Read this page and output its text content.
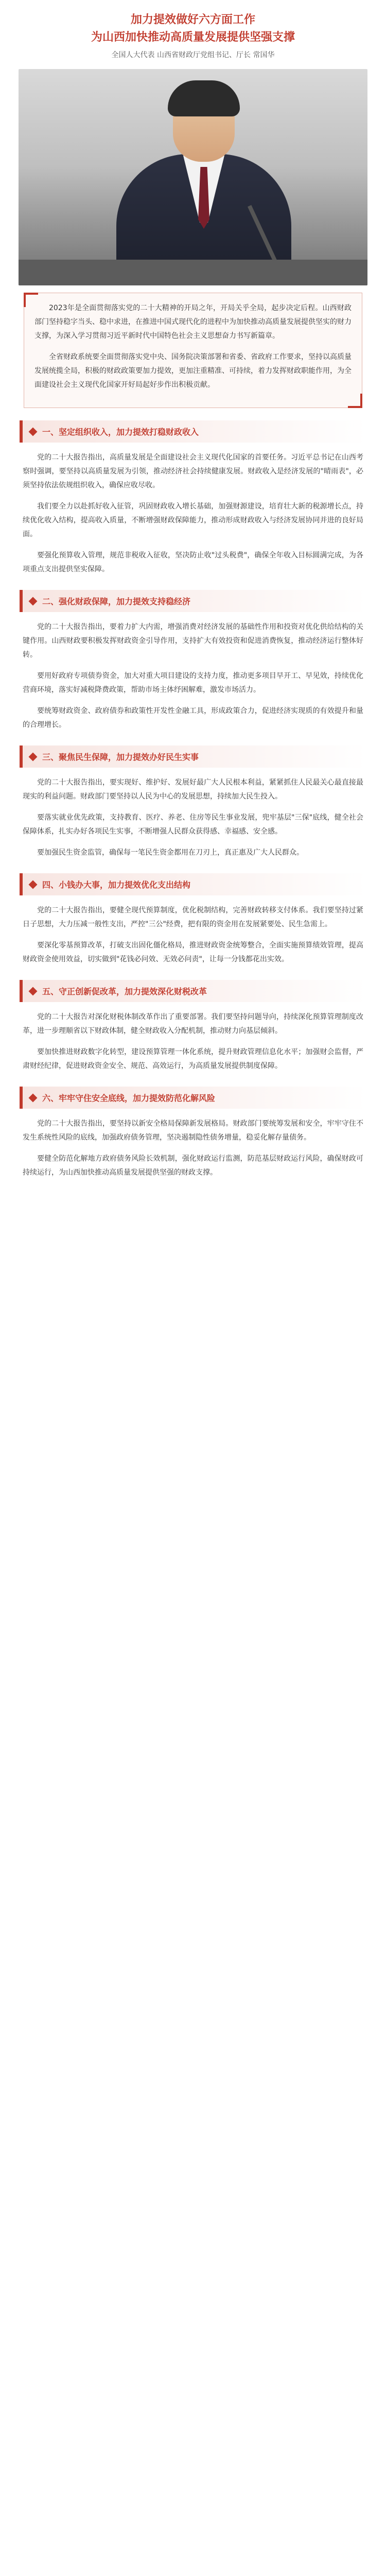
加力提效做好六方面工作

为山西加快推动高质量发展提供坚强支撑

全国人大代表 山西省财政厅党组书记、厅长 常国华

2023年是全面贯彻落实党的二十大精神的开局之年，开局关乎全局，起步决定后程。山西财政部门坚持稳字当头、稳中求进，在推进中国式现代化的进程中为加快推动高质量发展提供坚实的财力支撑，为深入学习贯彻习近平新时代中国特色社会主义思想奋力书写新篇章。

全省财政系统要全面贯彻落实党中央、国务院决策部署和省委、省政府工作要求，坚持以高质量发展统揽全局，积极的财政政策要加力提效，更加注重精准、可持续，着力发挥财政职能作用，为全面建设社会主义现代化国家开好局起好步作出积极贡献。

一、坚定组织收入，加力提效打稳财政收入

党的二十大报告指出，高质量发展是全面建设社会主义现代化国家的首要任务。习近平总书记在山西考察时强调，要坚持以高质量发展为引领，推动经济社会持续健康发展。财政收入是经济发展的"晴雨表"，必须坚持依法依规组织收入，确保应收尽收。

我们要全力以赴抓好收入征管，巩固财政收入增长基础，加强财源建设，培育壮大新的税源增长点，持续优化收入结构，提高收入质量，不断增强财政保障能力，推动形成财政收入与经济发展协同并进的良好局面。

要强化预算收入管理，规范非税收入征收，坚决防止收"过头税费"，确保全年收入目标圆满完成，为各项重点支出提供坚实保障。

二、强化财政保障，加力提效支持稳经济

党的二十大报告指出，要着力扩大内需，增强消费对经济发展的基础性作用和投资对优化供给结构的关键作用。山西财政要积极发挥财政资金引导作用，支持扩大有效投资和促进消费恢复，推动经济运行整体好转。

要用好政府专项债券资金，加大对重大项目建设的支持力度，推动更多项目早开工、早见效，持续优化营商环境，落实好减税降费政策，帮助市场主体纾困解难，激发市场活力。

要统筹财政资金、政府债券和政策性开发性金融工具，形成政策合力，促进经济实现质的有效提升和量的合理增长。

三、聚焦民生保障，加力提效办好民生实事

党的二十大报告指出，要实现好、维护好、发展好最广大人民根本利益，紧紧抓住人民最关心最直接最现实的利益问题。财政部门要坚持以人民为中心的发展思想，持续加大民生投入。

要落实就业优先政策，支持教育、医疗、养老、住房等民生事业发展，兜牢基层"三保"底线，健全社会保障体系，扎实办好各项民生实事，不断增强人民群众获得感、幸福感、安全感。

要加强民生资金监管，确保每一笔民生资金都用在刀刃上，真正惠及广大人民群众。

四、小钱办大事，加力提效优化支出结构

党的二十大报告指出，要健全现代预算制度，优化税制结构，完善财政转移支付体系。我们要坚持过紧日子思想，大力压减一般性支出，严控"三公"经费，把有限的资金用在发展紧要处、民生急需上。

要深化零基预算改革，打破支出固化僵化格局，推进财政资金统筹整合，全面实施预算绩效管理，提高财政资金使用效益，切实做到"花钱必问效、无效必问责"，让每一分钱都花出实效。

五、守正创新促改革，加力提效深化财税改革

党的二十大报告对深化财税体制改革作出了重要部署。我们要坚持问题导向，持续深化预算管理制度改革，进一步理顺省以下财政体制，健全财政收入分配机制，推动财力向基层倾斜。

要加快推进财政数字化转型，建设预算管理一体化系统，提升财政管理信息化水平；加强财会监督，严肃财经纪律，促进财政资金安全、规范、高效运行，为高质量发展提供制度保障。

六、牢牢守住安全底线，加力提效防范化解风险

党的二十大报告指出，要坚持以新安全格局保障新发展格局。财政部门要统筹发展和安全，牢牢守住不发生系统性风险的底线，加强政府债务管理，坚决遏制隐性债务增量，稳妥化解存量债务。

要健全防范化解地方政府债务风险长效机制，强化财政运行监测，防范基层财政运行风险，确保财政可持续运行，为山西加快推动高质量发展提供坚强的财政支撑。
